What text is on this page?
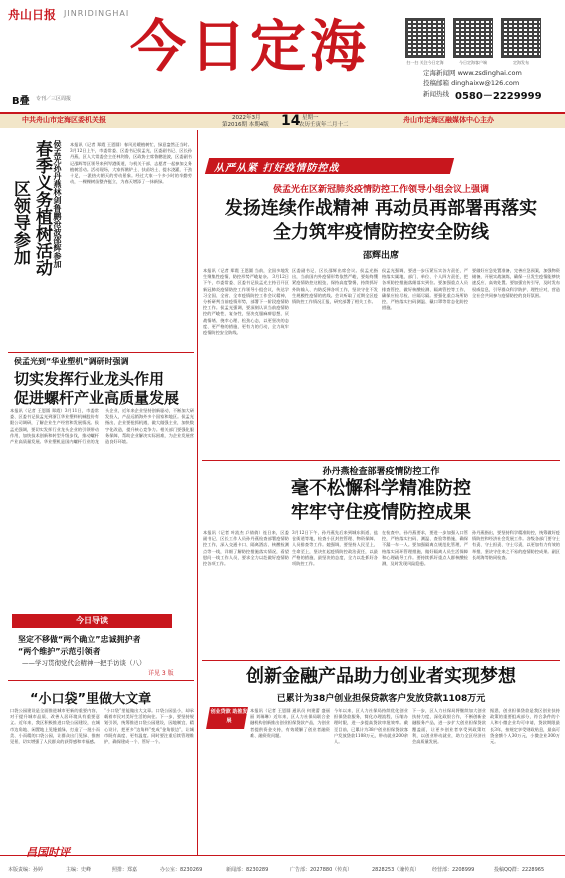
舟山日报 JINRIDINGHAI
今日定海	扫一扫 关注今日定海	今日定海客户端	定海发布
定海新闻网 www.zsdinghai.com
投稿邮箱 dinghaixw@126.com
新闻热线 0580－2229999
B叠 专刊／三区周报
中共舟山市定海区委机关报	2022年3月
第2016期 本期4版 14 星期一
农历壬寅年二月十二
舟山市定海区融媒体中心主办
侯孟光孙丹燕林剑鲁鹏沧波邵辉参加
春季义务植树活动
区领导参加
本报讯（记者 郑霞 王恩圆）春风送暖植树忙，绿意盎然正当时。3月12日上午，市委常委、区委书记侯孟光，区委副书记、区长孙丹燕，区人大常委会主任林剑鲁，区政协主席鲁鹏沧波，区委副书记邵辉等区领导来到岑港街道，与机关干部、志愿者一起参加义务植树活动。活动现场，大家挥锹铲土、扶苗培土、提水浇灌，干劲十足，一派热火朝天的劳动景象。经过大家一个多小时的辛勤劳动，一棵棵树苗整齐挺立，为春天增添了一抹新绿。
侯孟光到“华业塑机”调研时强调
切实发挥行业龙头作用
促进螺杆产业高质量发展
本报讯（记者 王恩圆 郑霞）3月11日，市委常委、区委书记侯孟光到浙江华业塑料机械股份有限公司调研，了解企业生产经营和发展情况。侯孟光强调，要切实发挥行业龙头企业的引领带动作用，加快技术创新和转型升级步伐，推动螺杆产业高质量发展。华业塑机是国内螺杆行业的龙头企业，近年来企业坚持创新驱动，不断加大研发投入，产品远销海外多个国家和地区。侯孟光指出，企业要抢抓机遇，做大做强主业，加快数字化改造，提升核心竞争力。相关部门要强化服务保障，帮助企业解决实际困难，为企业发展营造良好环境。
今日导读
坚定不移做“两个确立”忠诚拥护者
“两个维护”示范引领者
——学习贯彻党代会精神一把手访谈（八）
详见 3 版
“小口袋”里做大文章
口袋公园建设是全面推进城市更新的重要内容，对于提升城市品质、改善人居环境具有重要意义。近年来，我区积极推进口袋公园建设，在城市边角地、闲置地上见缝插绿，打造了一批小而美、小而精的口袋公园，让群众出门见绿、推窗见景，切实增强了人民群众的获得感和幸福感。
“小口袋”里能做出大文章。口袋公园虽小，却承载着市民对美好生活的向往。下一步，要坚持规划引领，统筹推进口袋公园建设，因地制宜、精心设计，把更多“边角料”变成“金角银边”，让城市既有高度、更有温度。同时要注重后续管理维护，确保建成一个、管好一个。
昌国时评
从严从紧 打好疫情防控战
侯孟光在区新冠肺炎疫情防控工作领导小组会议上强调
发扬连续作战精神 再动员再部署再落实
全力筑牢疫情防控安全防线
邵辉出席
本报讯（记者 郑霞 王恩圆 当前，全国多地发生聚集性疫情，防控形势严峻复杂。 3月12日下午，市委常委、区委书记侯孟光主持召开区新冠肺炎疫情防控工作领导小组会议，传达学习全国、全省、全市疫情防控工作会议精神，分析研判当前疫情形势，部署下一阶段疫情防控工作。侯孟光强调，要深刻认识当前疫情防控的严峻性、复杂性，坚决克服麻痹思想、厌战情绪、侥幸心理、松劲心态，以更坚决的态度、更严格的措施、更有力的行动，全力筑牢疫情防控安全防线。
区委副书记、区长邵辉出席会议。侯孟光指出，当前国内外疫情形势依然严峻，要始终绷紧疫情防控这根弦，保持高度警惕，持续抓好外防输入、内防反弹各项工作，坚决守住不发生规模性疫情的底线。会议听取了近期全区疫情防控工作情况汇报，研究部署了相关工作。
侯孟光强调，要进一步压紧压实各方责任，严格落实属地、部门、单位、个人四方责任，把各项防控措施落细落实到位。要加强重点人员排查管控，做好核酸检测、隔离管控等工作，确保应检尽检、应隔尽隔。要强化重点场所防控，严格落实扫码测温、戴口罩等常态化防控措施。
要做好应急处置准备，完善应急预案，加强物资储备，开展实战演练，确保一旦发生疫情能够快速反应、高效处置。要加强宣传引导，及时发布权威信息，引导群众科学防护、理性应对，营造全社会共同参与疫情防控的良好氛围。
孙丹燕检查部署疫情防控工作
毫不松懈科学精准防控
牢牢守住疫情防控成果
本报讯（记者 叶流杰 乒倩倩）连日来，区委副书记、区长工作人员孙丹燕检查部署疫情防控工作，深入交通卡口、隔离酒店、核酸检测点等一线，详细了解防控措施落实情况，看望慰问一线工作人员，要求全力以赴做好疫情防控各项工作。
3月12日下午，孙丹燕先后来到城东街道、盐仓街道等地，检查小区封控管理、物资保障、人员排查等工作。她强调，要坚持人民至上、生命至上，坚决扛起疫情防控政治责任，以最严格的措施、最坚决的态度，全力以赴抓好各项防控工作。
在检查中，孙丹燕要求，要进一步加强入口管控，严格落实扫码、测温、查验等措施，确保不漏一车一人。要加强隔离点规范化管理，严格落实闭环管理措施，做好隔离人员生活保障和心理疏导工作。要持续抓好重点人群核酸检测，及时发现风险隐患。
孙丹燕指出，要坚持科学精准防控，统筹做好疫情防控和经济社会发展工作。各级各部门要守土有责、守土担责、守土尽责，以更加有力有效的举措，坚决守住来之不易的疫情防控成果。副区长胡海等陪同检查。
创新金融产品助力创业者实现梦想
已累计为38户创业担保贷款客户发放贷款1108万元
创业贷款 助推发展
本报讯（记者 王恩圆 通讯员 何建蕾 盛丽丽 刘瑞琳）近年来，区人力社保局联合金融机构创新推出创业担保贷款产品，为创业者提供资金支持，有效缓解了创业者融资难、融资贵问题。
今年以来，区人力社保局持续优化创业担保贷款服务，简化办理流程，压缩办理时限，进一步提高贷款审批效率。截至目前，已累计为38户创业担保贷款客户发放贷款1108万元，带动就业200余人。
下一步，区人力社保局将继续加大创业扶持力度，深化政银合作，不断创新金融服务产品，进一步扩大创业担保贷款覆盖面，让更多创业者享受到政策红利，以创业带动就业，助力全区经济社会高质量发展。
据悉，创业担保贷款是我区创业扶持政策的重要组成部分，符合条件的个人和小微企业均可申请，贷款期限最长3年，按规定享受财政贴息，最高可贷金额个人30万元，小微企业300万元。
本版责编：孙婷	主编：史峰	照排：郑嘉	办公室：8230269	新闻部：8230289	广告部：2027880（传真）	2828253（兼传真）	经营部：2208999	投稿QQ群：2228965
